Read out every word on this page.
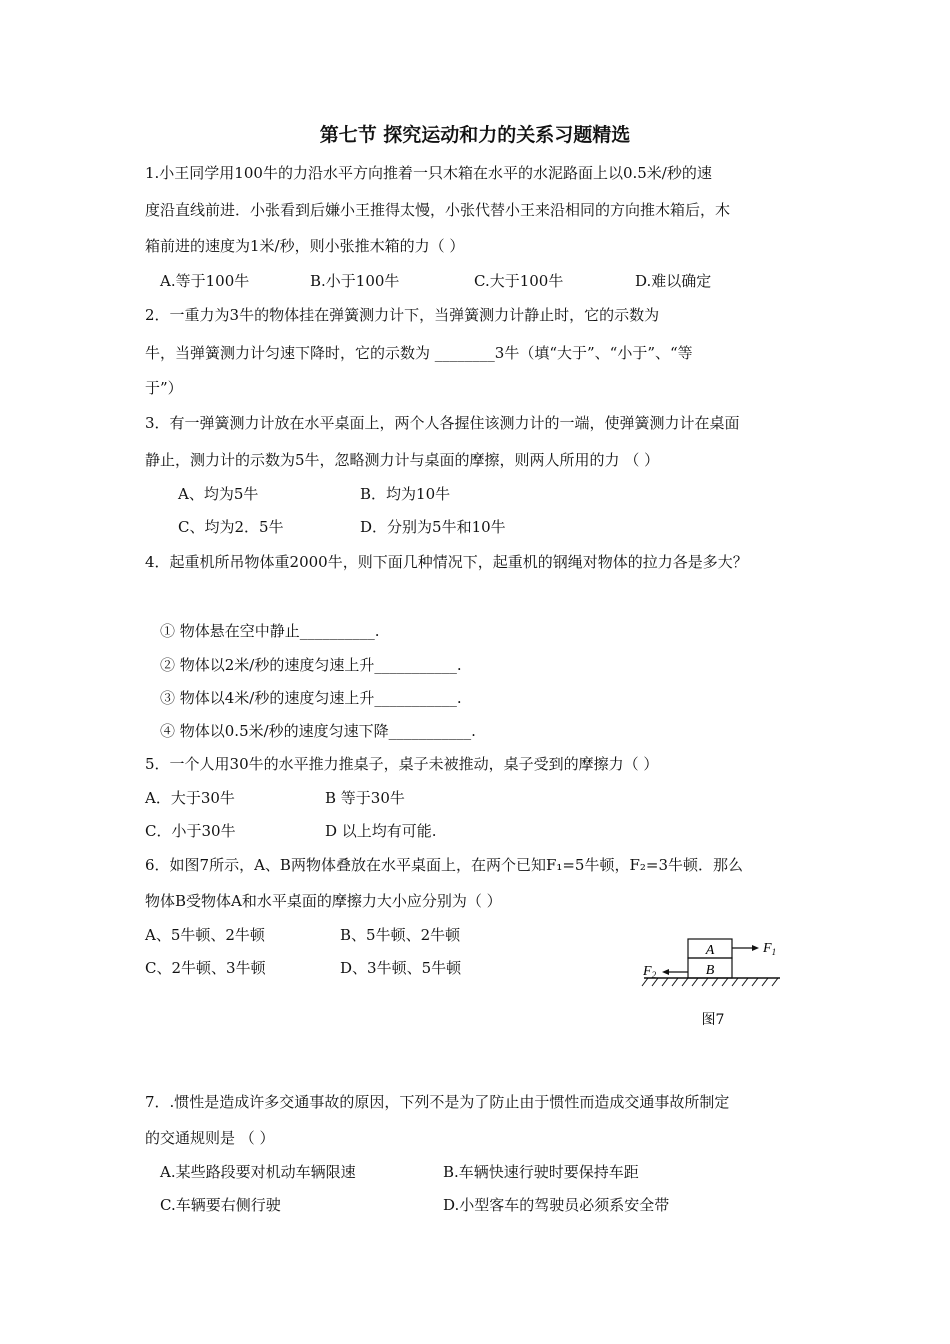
第七节 探究运动和力的关系习题精选
1.小王同学用100牛的力沿水平方向推着一只木箱在水平的水泥路面上以0.5米/秒的速
度沿直线前进．小张看到后嫌小王推得太慢，小张代替小王来沿相同的方向推木箱后，木
箱前进的速度为1米/秒，则小张推木箱的力（ ）
A.等于100牛	B.小于100牛	C.大于100牛	D.难以确定
2．一重力为3牛的物体挂在弹簧测力计下，当弹簧测力计静止时，它的示数为
牛，当弹簧测力计匀速下降时，它的示数为 ________3牛（填“大于”、“小于”、“等
于”）
3．有一弹簧测力计放在水平桌面上，两个人各握住该测力计的一端，使弹簧测力计在桌面
静止，测力计的示数为5牛，忽略测力计与桌面的摩擦，则两人所用的力 （ ）
A、均为5牛	B．均为10牛
C、均为2．5牛	D．分别为5牛和10牛
4．起重机所吊物体重2000牛，则下面几种情况下，起重机的钢绳对物体的拉力各是多大？
① 物体悬在空中静止__________.
② 物体以2米/秒的速度匀速上升___________.
③ 物体以4米/秒的速度匀速上升___________.
④ 物体以0.5米/秒的速度匀速下降___________.
5．一个人用30牛的水平推力推桌子，桌子未被推动，桌子受到的摩擦力（ ）
A．大于30牛	B 等于30牛
C．小于30牛	D 以上均有可能.
6．如图7所示，A、B两物体叠放在水平桌面上，在两个已知F₁=5牛顿，F₂=3牛顿．那么
物体B受物体A和水平桌面的摩擦力大小应分别为（ ）
A、5牛顿、2牛顿	B、5牛顿、2牛顿
C、2牛顿、3牛顿	D、3牛顿、5牛顿
A
B
$F_1$
$F_2$
图7
7．.惯性是造成许多交通事故的原因，下列不是为了防止由于惯性而造成交通事故所制定
的交通规则是 （ ）
A.某些路段要对机动车辆限速	B.车辆快速行驶时要保持车距
C.车辆要右侧行驶	D.小型客车的驾驶员必须系安全带
